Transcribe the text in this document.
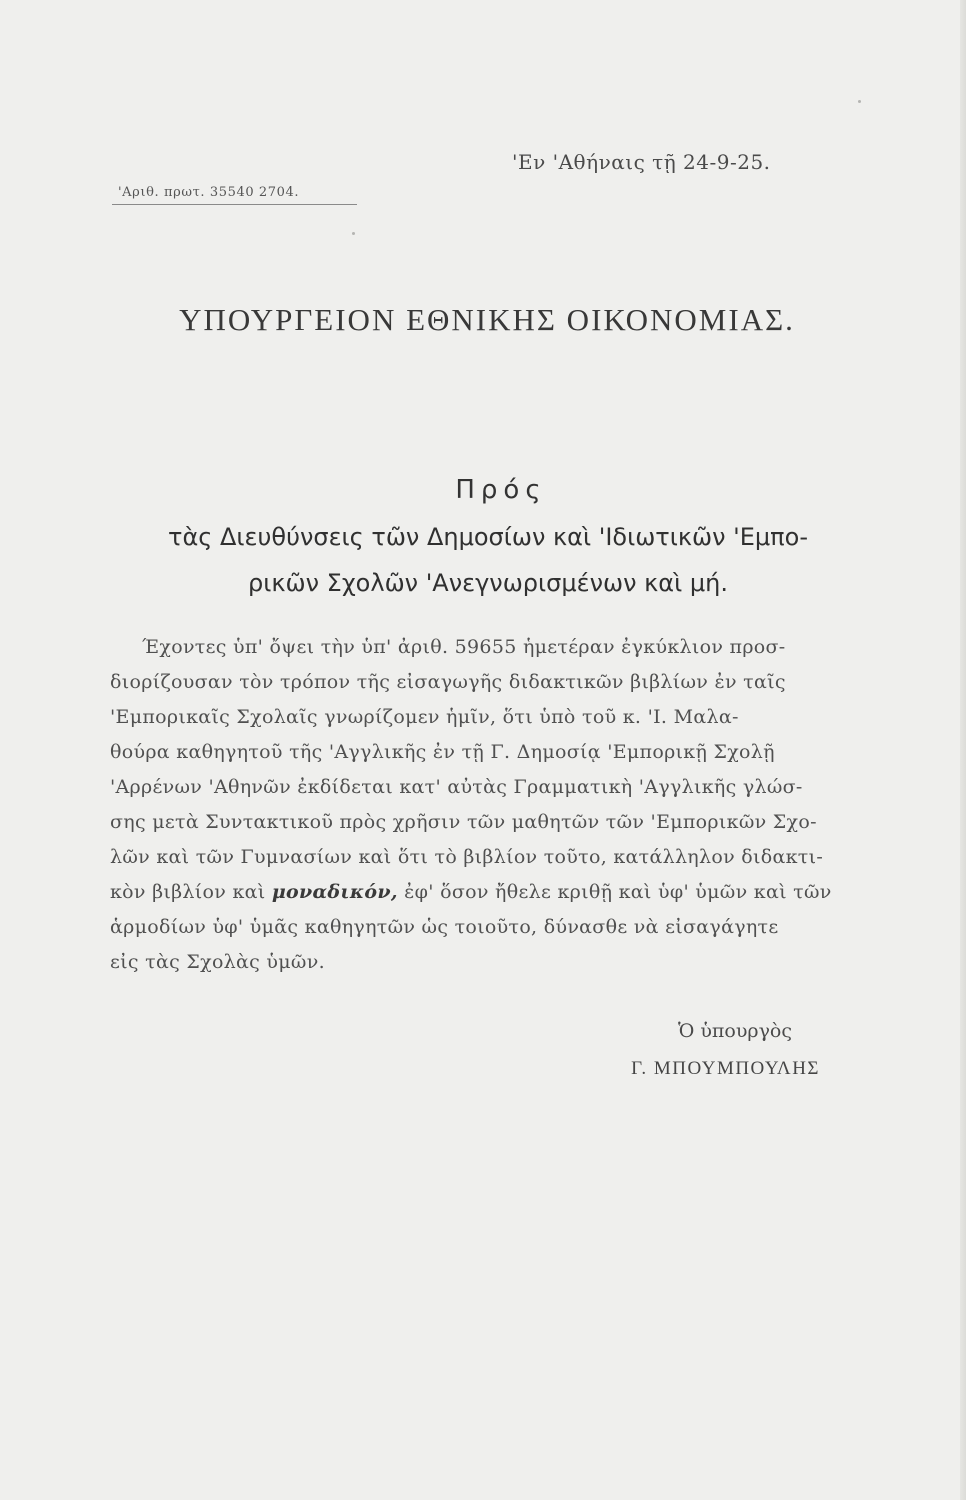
'Εν 'Αθήναις τῇ 24-9-25.
'Αριθ. πρωτ. 35540 2704.
ΥΠΟΥΡΓΕΙΟΝ ΕΘΝΙΚΗΣ ΟΙΚΟΝΟΜΙΑΣ.
Πρός
τὰς Διευθύνσεις τῶν Δημοσίων καὶ 'Ιδιωτικῶν 'Εμπο-
ρικῶν Σχολῶν 'Ανεγνωρισμένων καὶ μή.
Έχοντες ὑπ' ὄψει τὴν ὑπ' ἀριθ. 59655 ἡμετέραν ἐγκύκλιον προσ-
διορίζουσαν τὸν τρόπον τῆς εἰσαγωγῆς διδακτικῶν βιβλίων ἐν ταῖς
'Εμπορικαῖς Σχολαῖς γνωρίζομεν ἡμῖν, ὅτι ὑπὸ τοῦ κ. 'Ι. Μαλα-
θούρα καθηγητοῦ τῆς 'Αγγλικῆς ἐν τῇ Γ. Δημοσίᾳ 'Εμπορικῇ Σχολῇ
'Αρρένων 'Αθηνῶν ἐκδίδεται κατ' αὐτὰς Γραμματικὴ 'Αγγλικῆς γλώσ-
σης μετὰ Συντακτικοῦ πρὸς χρῆσιν τῶν μαθητῶν τῶν 'Εμπορικῶν Σχο-
λῶν καὶ τῶν Γυμνασίων καὶ ὅτι τὸ βιβλίον τοῦτο, κατάλληλον διδακτι-
κὸν βιβλίον καὶ μοναδικόν, ἐφ' ὅσον ἤθελε κριθῇ καὶ ὑφ' ὑμῶν καὶ τῶν
ἁρμοδίων ὑφ' ὑμᾶς καθηγητῶν ὡς τοιοῦτο, δύνασθε νὰ εἰσαγάγητε
εἰς τὰς Σχολὰς ὑμῶν.
Ὁ ὑπουργὸς
Γ. ΜΠΟΥΜΠΟΥΛΗΣ
